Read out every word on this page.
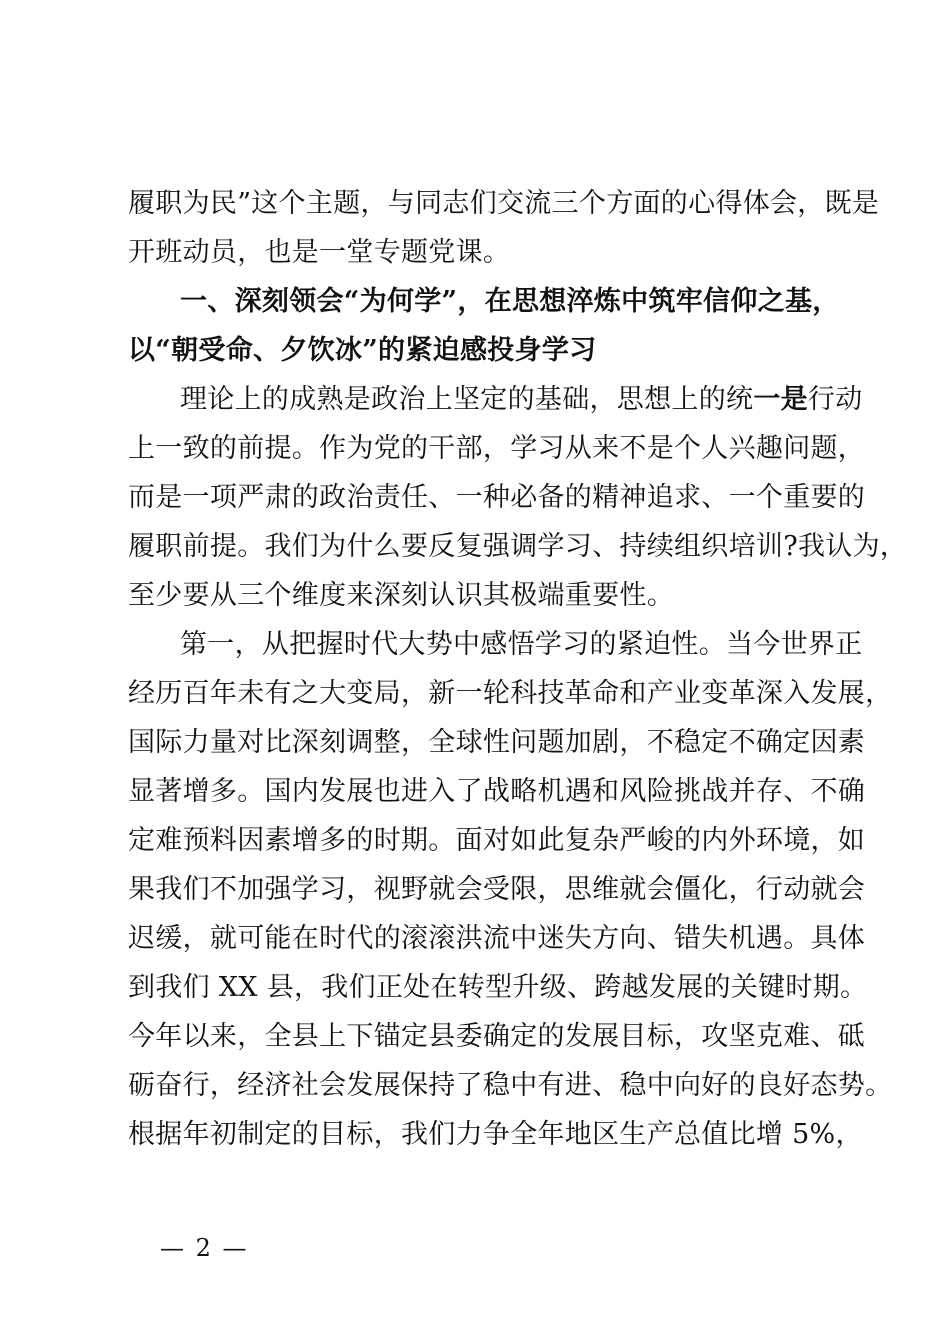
履职为民”这个主题，与同志们交流三个方面的心得体会，既是
开班动员，也是一堂专题党课。
一、深刻领会“为何学”，在思想淬炼中筑牢信仰之基，
以“朝受命、夕饮冰”的紧迫感投身学习
理论上的成熟是政治上坚定的基础，思想上的统一是行动
上一致的前提。作为党的干部，学习从来不是个人兴趣问题，
而是一项严肃的政治责任、一种必备的精神追求、一个重要的
履职前提。我们为什么要反复强调学习、持续组织培训?我认为，
至少要从三个维度来深刻认识其极端重要性。
第一，从把握时代大势中感悟学习的紧迫性。当今世界正
经历百年未有之大变局，新一轮科技革命和产业变革深入发展，
国际力量对比深刻调整，全球性问题加剧，不稳定不确定因素
显著增多。国内发展也进入了战略机遇和风险挑战并存、不确
定难预料因素增多的时期。面对如此复杂严峻的内外环境，如
果我们不加强学习，视野就会受限，思维就会僵化，行动就会
迟缓，就可能在时代的滚滚洪流中迷失方向、错失机遇。具体
到我们 XX 县，我们正处在转型升级、跨越发展的关键时期。
今年以来，全县上下锚定县委确定的发展目标，攻坚克难、砥
砺奋行，经济社会发展保持了稳中有进、稳中向好的良好态势。
根据年初制定的目标，我们力争全年地区生产总值比增 5%，
— 2 —
